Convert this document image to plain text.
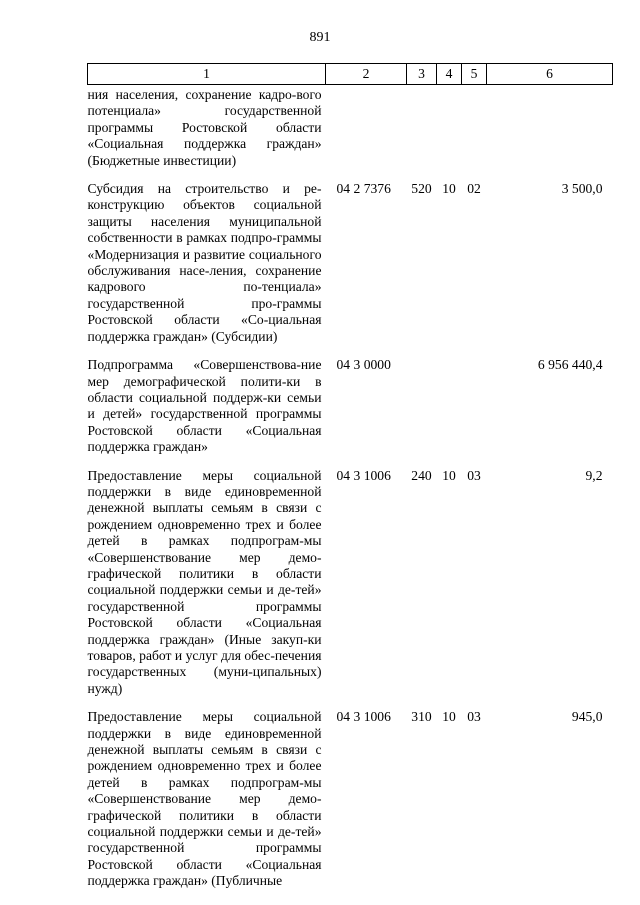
891
1	2	3	4	5	6
ния населения, сохранение кадро-вого потенциала» государственной программы Ростовской области «Социальная поддержка граждан» (Бюджетные инвестиции)					

Субсидия на строительство и ре-конструкцию объектов социальной защиты населения муниципальной собственности в рамках подпро-граммы «Модернизация и развитие социального обслуживания насе-ления, сохранение кадрового по-тенциала» государственной про-граммы Ростовской области «Со-циальная поддержка граждан» (Субсидии)	04 2 7376	520	10	02	3 500,0

Подпрограмма «Совершенствова-ние мер демографической полити-ки в области социальной поддерж-ки семьи и детей» государственной программы Ростовской области «Социальная поддержка граждан»	04 3 0000				6 956 440,4

Предоставление меры социальной поддержки в виде единовременной денежной выплаты семьям в связи с рождением одновременно трех и более детей в рамках подпрограм-мы «Совершенствование мер демо-графической политики в области социальной поддержки семьи и де-тей» государственной программы Ростовской области «Социальная поддержка граждан» (Иные закуп-ки товаров, работ и услуг для обес-печения государственных (муни-ципальных) нужд)	04 3 1006	240	10	03	9,2

Предоставление меры социальной поддержки в виде единовременной денежной выплаты семьям в связи с рождением одновременно трех и более детей в рамках подпрограм-мы «Совершенствование мер демо-графической политики в области социальной поддержки семьи и де-тей» государственной программы Ростовской области «Социальная поддержка граждан» (Публичные	04 3 1006	310	10	03	945,0
